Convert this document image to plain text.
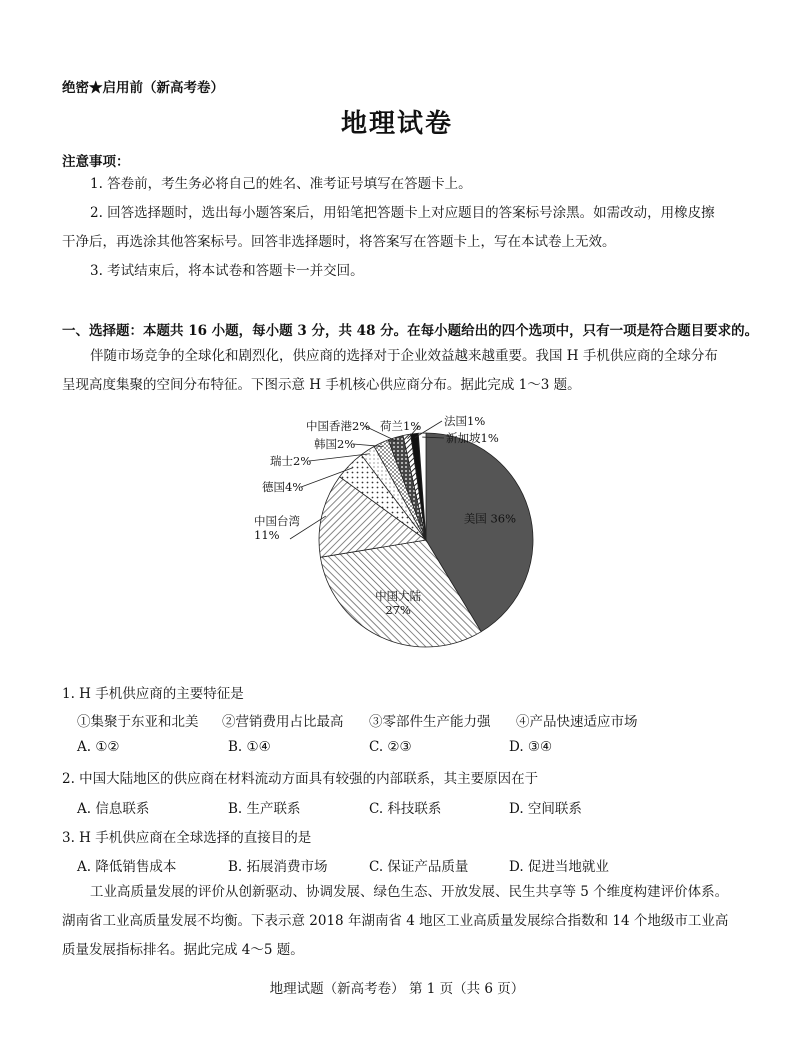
绝密★启用前（新高考卷）
地理试卷
注意事项：
1. 答卷前，考生务必将自己的姓名、准考证号填写在答题卡上。
2. 回答选择题时，选出每小题答案后，用铅笔把答题卡上对应题目的答案标号涂黑。如需改动，用橡皮擦
干净后，再选涂其他答案标号。回答非选择题时，将答案写在答题卡上，写在本试卷上无效。
3. 考试结束后，将本试卷和答题卡一并交回。
一、选择题：本题共 16 小题，每小题 3 分，共 48 分。在每小题给出的四个选项中，只有一项是符合题目要求的。
伴随市场竞争的全球化和剧烈化，供应商的选择对于企业效益越来越重要。我国 H 手机供应商的全球分布
呈现高度集聚的空间分布特征。下图示意 H 手机核心供应商分布。据此完成 1～3 题。
美国 36%
中国大陆 27%
中国台湾 11%
德国4%
瑞士2%
韩国2%
中国香港2% 荷兰1% 法国1%
新加坡1%
1. H 手机供应商的主要特征是
①集聚于东亚和北美 ②营销费用占比最高 ③零部件生产能力强 ④产品快速适应市场
A. ①②	B. ①④	C. ②③	D. ③④
2. 中国大陆地区的供应商在材料流动方面具有较强的内部联系，其主要原因在于
A. 信息联系	B. 生产联系	C. 科技联系	D. 空间联系
3. H 手机供应商在全球选择的直接目的是
A. 降低销售成本	B. 拓展消费市场	C. 保证产品质量	D. 促进当地就业
工业高质量发展的评价从创新驱动、协调发展、绿色生态、开放发展、民生共享等 5 个维度构建评价体系。
湖南省工业高质量发展不均衡。下表示意 2018 年湖南省 4 地区工业高质量发展综合指数和 14 个地级市工业高
质量发展指标排名。据此完成 4～5 题。
地理试题（新高考卷） 第 1 页（共 6 页）
